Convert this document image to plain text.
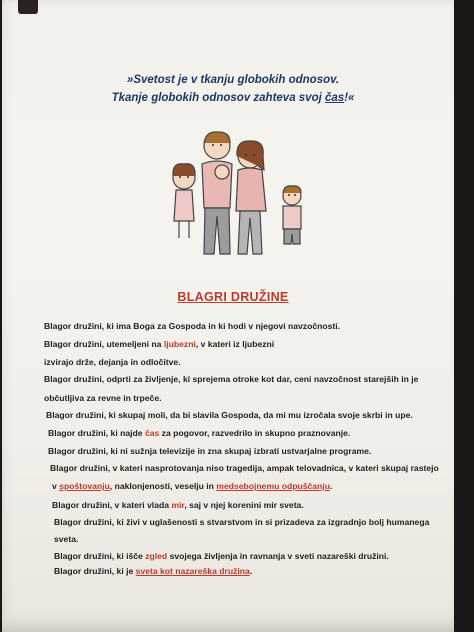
»Svetost je v tkanju globokih odnosov.
Tkanje globokih odnosov zahteva svoj čas!«
BLAGRI DRUŽINE
Blagor družini, ki ima Boga za Gospoda in ki hodi v njegovi navzočnosti.
Blagor družini, utemeljeni na ljubezni, v kateri iz ljubezni
izvirajo drže, dejanja in odločitve.
Blagor družini, odprti za življenje, ki sprejema otroke kot dar, ceni navzočnost starejših in je
občutljiva za revne in trpeče.
Blagor družini, ki skupaj moli, da bi slavila Gospoda, da mi mu izročala svoje skrbi in upe.
Blagor družini, ki najde čas za pogovor, razvedrilo in skupno praznovanje.
Blagor družini, ki ni sužnja televizije in zna skupaj izbrati ustvarjalne programe.
Blagor družini, v kateri nasprotovanja niso tragedija, ampak telovadnica, v kateri skupaj rastejo
v spoštovanju, naklonjenosti, veselju in medsebojnemu odpuščanju.
Blagor družini, v kateri vlada mir, saj v njej korenini mir sveta.
Blagor družini, ki živi v uglašenosti s stvarstvom in si prizadeva za izgradnjo bolj humanega
sveta.
Blagor družini, ki išče zgled svojega življenja in ravnanja v sveti nazareški družini.
Blagor družini, ki je sveta kot nazareška družina.
